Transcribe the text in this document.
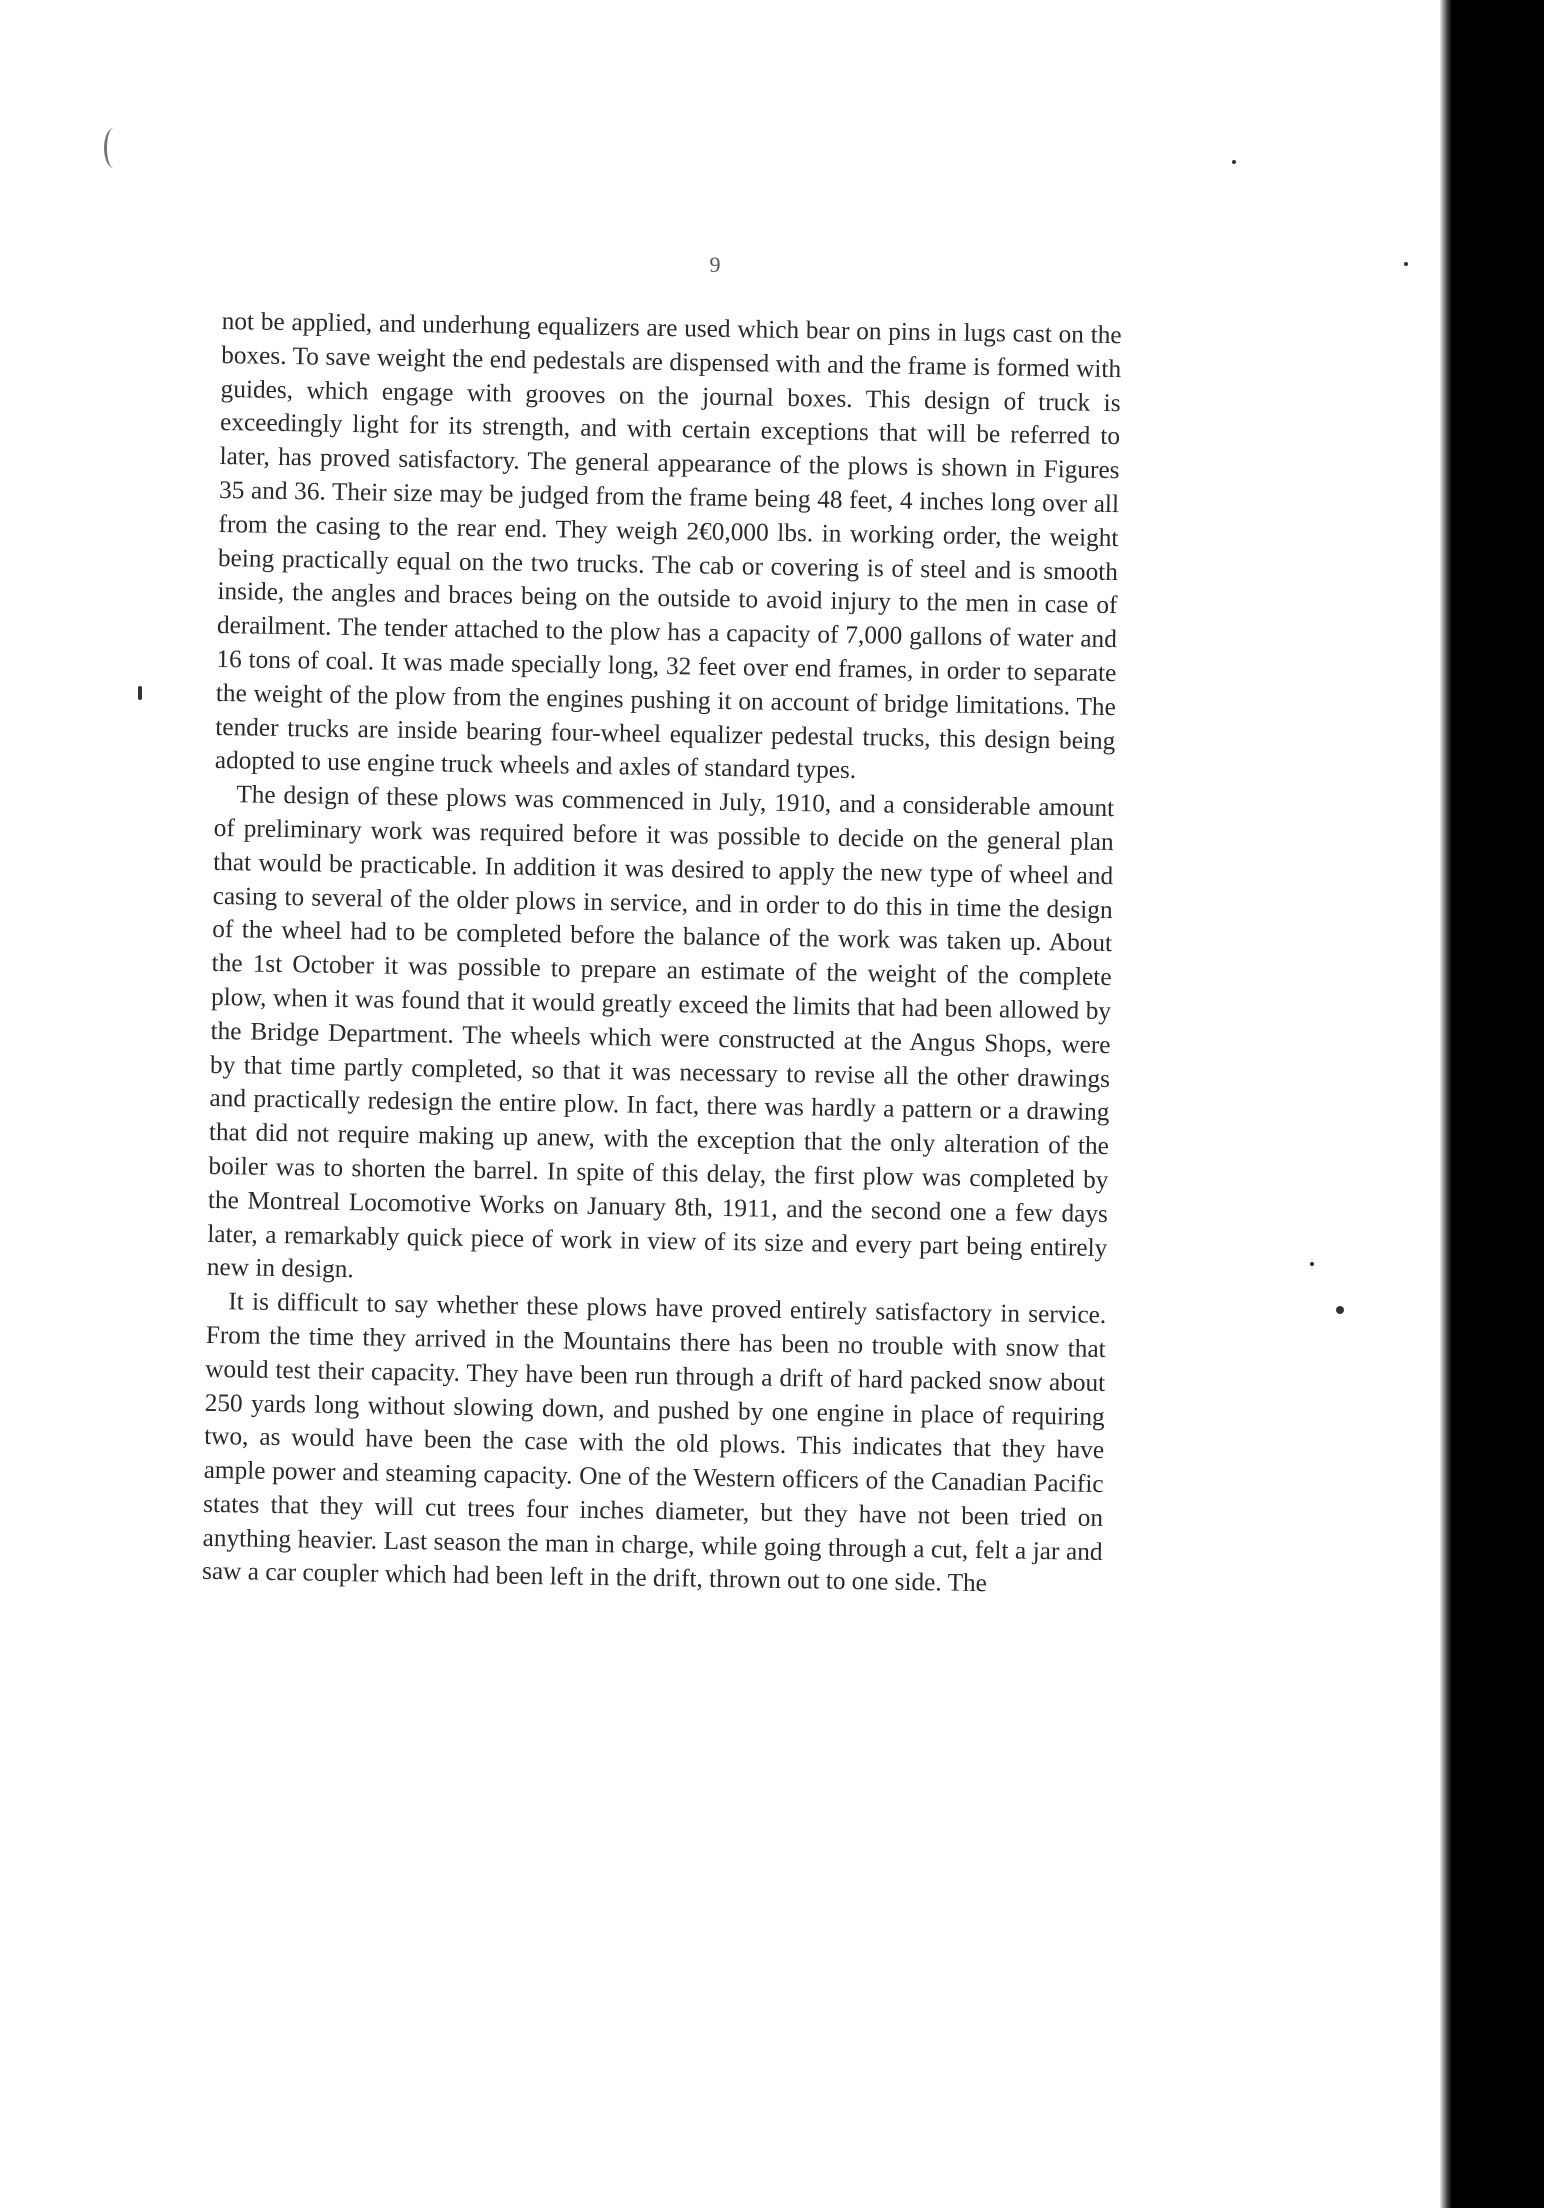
9

not be applied, and underhung equalizers are used which bear on pins in lugs cast on the boxes. To save weight the end pedestals are dispensed with and the frame is formed with guides, which engage with grooves on the journal boxes. This design of truck is exceedingly light for its strength, and with certain exceptions that will be referred to later, has proved satisfactory. The general appearance of the plows is shown in Figures 35 and 36. Their size may be judged from the frame being 48 feet, 4 inches long over all from the casing to the rear end. They weigh 2€0,000 lbs. in working order, the weight being practically equal on the two trucks. The cab or covering is of steel and is smooth inside, the angles and braces being on the outside to avoid injury to the men in case of derailment. The tender attached to the plow has a capacity of 7,000 gallons of water and 16 tons of coal. It was made specially long, 32 feet over end frames, in order to separate the weight of the plow from the engines pushing it on account of bridge limitations. The tender trucks are inside bearing four-wheel equalizer pedestal trucks, this design being adopted to use engine truck wheels and axles of standard types.

The design of these plows was commenced in July, 1910, and a considerable amount of preliminary work was required before it was possible to decide on the general plan that would be practicable. In addition it was desired to apply the new type of wheel and casing to several of the older plows in service, and in order to do this in time the design of the wheel had to be completed before the balance of the work was taken up. About the 1st October it was possible to prepare an estimate of the weight of the complete plow, when it was found that it would greatly exceed the limits that had been allowed by the Bridge Department. The wheels which were constructed at the Angus Shops, were by that time partly completed, so that it was necessary to revise all the other drawings and practically redesign the entire plow. In fact, there was hardly a pattern or a drawing that did not require making up anew, with the exception that the only alteration of the boiler was to shorten the barrel. In spite of this delay, the first plow was completed by the Montreal Locomotive Works on January 8th, 1911, and the second one a few days later, a remarkably quick piece of work in view of its size and every part being entirely new in design.

It is difficult to say whether these plows have proved entirely satisfactory in service. From the time they arrived in the Mountains there has been no trouble with snow that would test their capacity. They have been run through a drift of hard packed snow about 250 yards long without slowing down, and pushed by one engine in place of requiring two, as would have been the case with the old plows. This indicates that they have ample power and steaming capacity. One of the Western officers of the Canadian Pacific states that they will cut trees four inches diameter, but they have not been tried on anything heavier. Last season the man in charge, while going through a cut, felt a jar and saw a car coupler which had been left in the drift, thrown out to one side. The
